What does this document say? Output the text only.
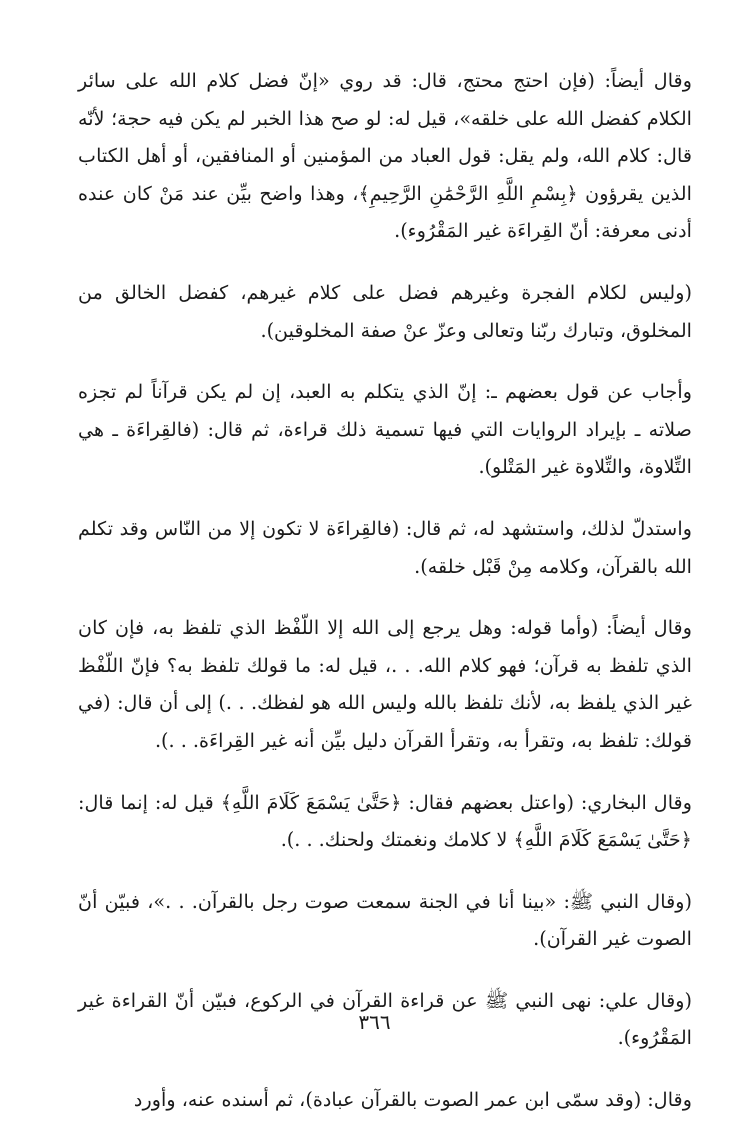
وقال أيضاً: (فإن احتج محتج، قال: قد روي «إنّ فضل كلام الله على سائر الكلام كفضل الله على خلقه»، قيل له: لو صح هذا الخبر لم يكن فيه حجة؛ لأنّه قال: كلام الله، ولم يقل: قول العباد من المؤمنين أو المنافقين، أو أهل الكتاب الذين يقرؤون ﴿بِسْمِ اللَّهِ الرَّحْمَٰنِ الرَّحِيمِ﴾، وهذا واضح بيِّن عند مَنْ كان عنده أدنى معرفة: أنّ القِراءَة غير المَقْرُوء).

(وليس لكلام الفجرة وغيرهم فضل على كلام غيرهم، كفضل الخالق من المخلوق، وتبارك ربّنا وتعالى وعزّ عنْ صفة المخلوقين).

وأجاب عن قول بعضهم ـ: إنّ الذي يتكلم به العبد، إن لم يكن قرآناً لم تجزه صلاته ـ بإيراد الروايات التي فيها تسمية ذلك قراءة، ثم قال: (فالقِراءَة ـ هي التِّلاوة، والتِّلاوة غير المَتْلو).

واستدلّ لذلك، واستشهد له، ثم قال: (فالقِراءَة لا تكون إلا من النّاس وقد تكلم الله بالقرآن، وكلامه مِنْ قَبْل خلقه).

وقال أيضاً: (وأما قوله: وهل يرجع إلى الله إلا اللّفْظ الذي تلفظ به، فإن كان الذي تلفظ به قرآن؛ فهو كلام الله. . .، قيل له: ما قولك تلفظ به؟ فإنّ اللّفْظ غير الذي يلفظ به، لأنك تلفظ بالله وليس الله هو لفظك. . .) إلى أن قال: (في قولك: تلفظ به، وتقرأ به، وتقرأ القرآن دليل بيِّن أنه غير القِراءَة. . .).

وقال البخاري: (واعتل بعضهم فقال: ﴿حَتَّىٰ يَسْمَعَ كَلَامَ اللَّهِ﴾ قيل له: إنما قال: ﴿حَتَّىٰ يَسْمَعَ كَلَامَ اللَّهِ﴾ لا كلامك ونغمتك ولحنك. . .).

(وقال النبي ﷺ: «بينا أنا في الجنة سمعت صوت رجل بالقرآن. . .»، فبيّن أنّ الصوت غير القرآن).

(وقال علي: نهى النبي ﷺ عن قراءة القرآن في الركوع، فبيّن أنّ القراءة غير المَقْرُوء).

وقال: (وقد سمّى ابن عمر الصوت بالقرآن عبادة)، ثم أسنده عنه، وأورد

٣٦٦
